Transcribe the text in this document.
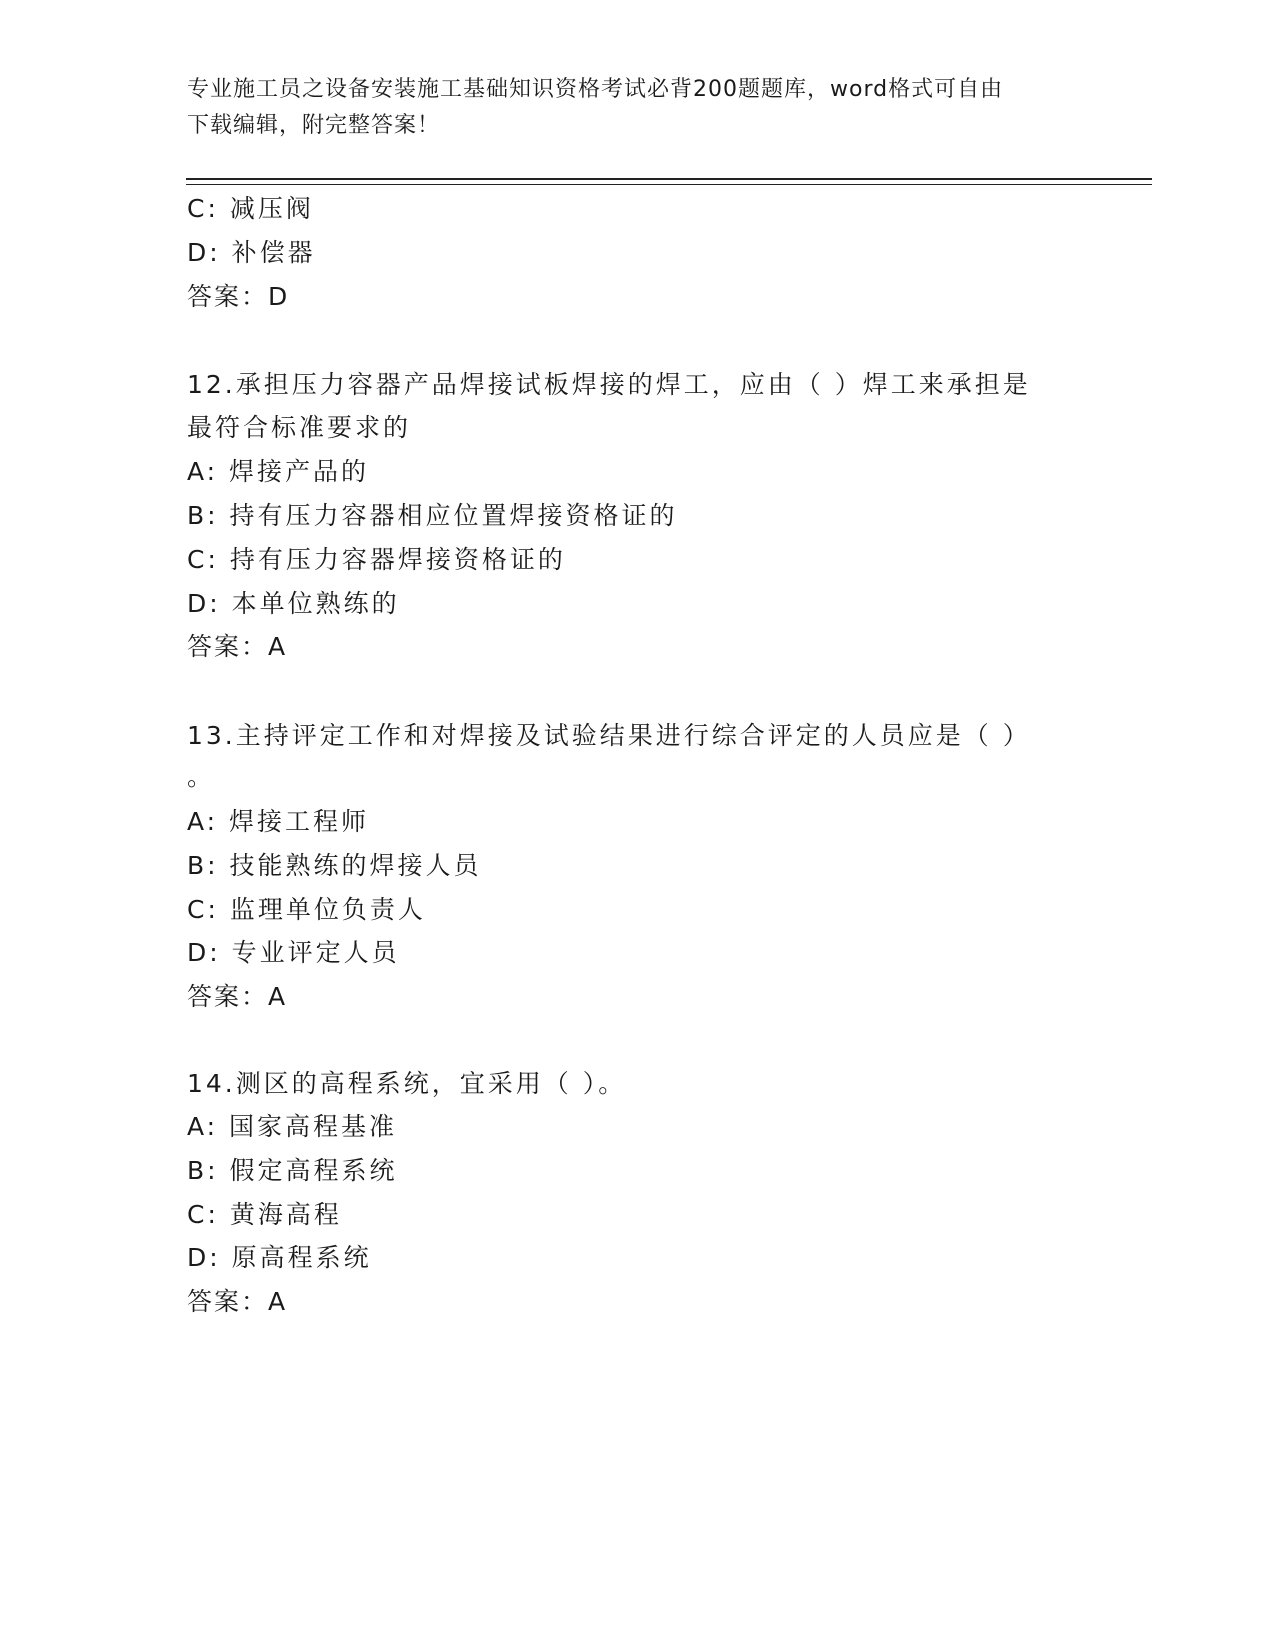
专业施工员之设备安装施工基础知识资格考试必背200题题库，word格式可自由
下载编辑，附完整答案！
C: 减压阀
D: 补偿器
答案：D
12.承担压力容器产品焊接试板焊接的焊工，应由（ ）焊工来承担是
最符合标准要求的
A: 焊接产品的
B: 持有压力容器相应位置焊接资格证的
C: 持有压力容器焊接资格证的
D: 本单位熟练的
答案：A
13.主持评定工作和对焊接及试验结果进行综合评定的人员应是（ ）
。
A: 焊接工程师
B: 技能熟练的焊接人员
C: 监理单位负责人
D: 专业评定人员
答案：A
14.测区的高程系统，宜采用（ ）。
A: 国家高程基准
B: 假定高程系统
C: 黄海高程
D: 原高程系统
答案：A
